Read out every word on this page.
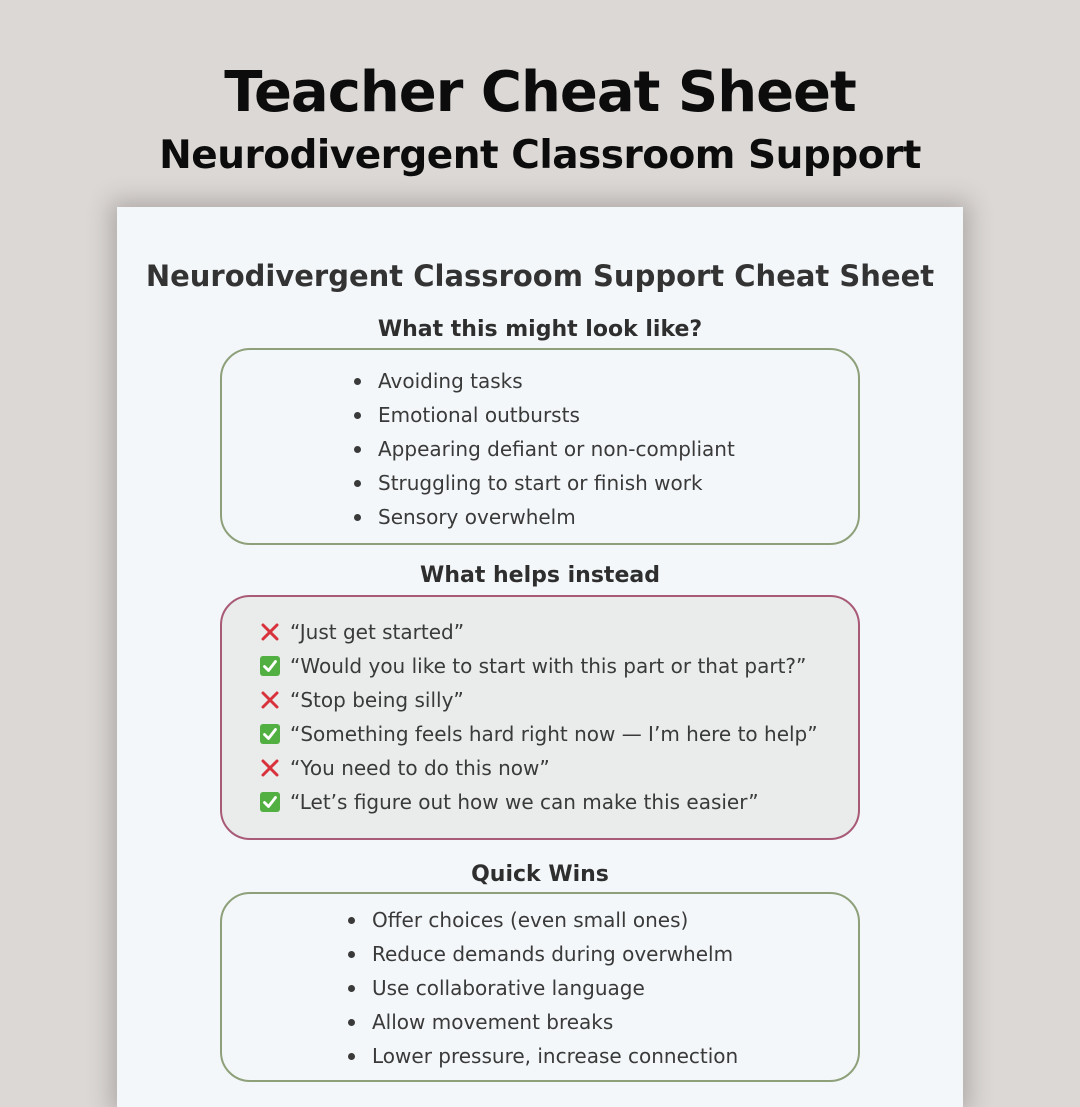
Teacher Cheat Sheet
Neurodivergent Classroom Support
Neurodivergent Classroom Support Cheat Sheet
What this might look like?
Avoiding tasks
Emotional outbursts
Appearing defiant or non-compliant
Struggling to start or finish work
Sensory overwhelm
What helps instead
“Just get started”
“Would you like to start with this part or that part?”
“Stop being silly”
“Something feels hard right now — I’m here to help”
“You need to do this now”
“Let’s figure out how we can make this easier”
Quick Wins
Offer choices (even small ones)
Reduce demands during overwhelm
Use collaborative language
Allow movement breaks
Lower pressure, increase connection
